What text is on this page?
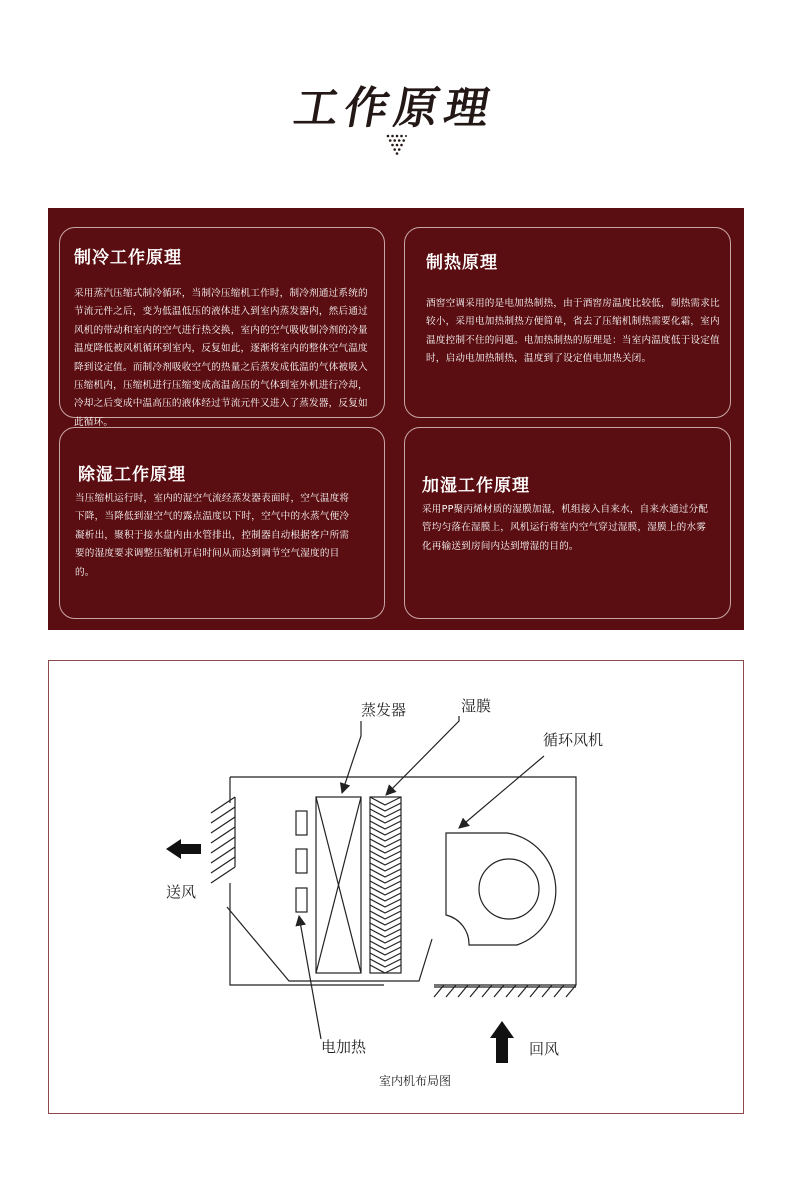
工作原理
制冷工作原理

采用蒸汽压缩式制冷循环，当制冷压缩机工作时，制冷剂通过系统的节流元件之后，变为低温低压的液体进入到室内蒸发器内，然后通过风机的带动和室内的空气进行热交换，室内的空气吸收制冷剂的冷量温度降低被风机循环到室内，反复如此，逐渐将室内的整体空气温度降到设定值。而制冷剂吸收空气的热量之后蒸发成低温的气体被吸入压缩机内，压缩机进行压缩变成高温高压的气体到室外机进行冷却，冷却之后变成中温高压的液体经过节流元件又进入了蒸发器，反复如此循环。

制热原理

酒窖空调采用的是电加热制热，由于酒窖房温度比较低，制热需求比较小，采用电加热制热方便简单，省去了压缩机制热需要化霜，室内温度控制不住的问题。电加热制热的原理是：当室内温度低于设定值时，启动电加热制热，温度到了设定值电加热关闭。

除湿工作原理

当压缩机运行时，室内的湿空气流经蒸发器表面时，空气温度将下降，当降低到湿空气的露点温度以下时，空气中的水蒸气便冷凝析出，聚积于接水盘内由水管排出，控制器自动根据客户所需要的湿度要求调整压缩机开启时间从而达到调节空气湿度的目的。

加湿工作原理

采用PP聚丙烯材质的湿膜加湿，机组接入自来水，自来水通过分配管均匀落在湿膜上，风机运行将室内空气穿过湿膜，湿膜上的水雾化再输送到房间内达到增湿的目的。

蒸发器	湿膜
循环风机
送风
电加热	回风
室内机布局图
